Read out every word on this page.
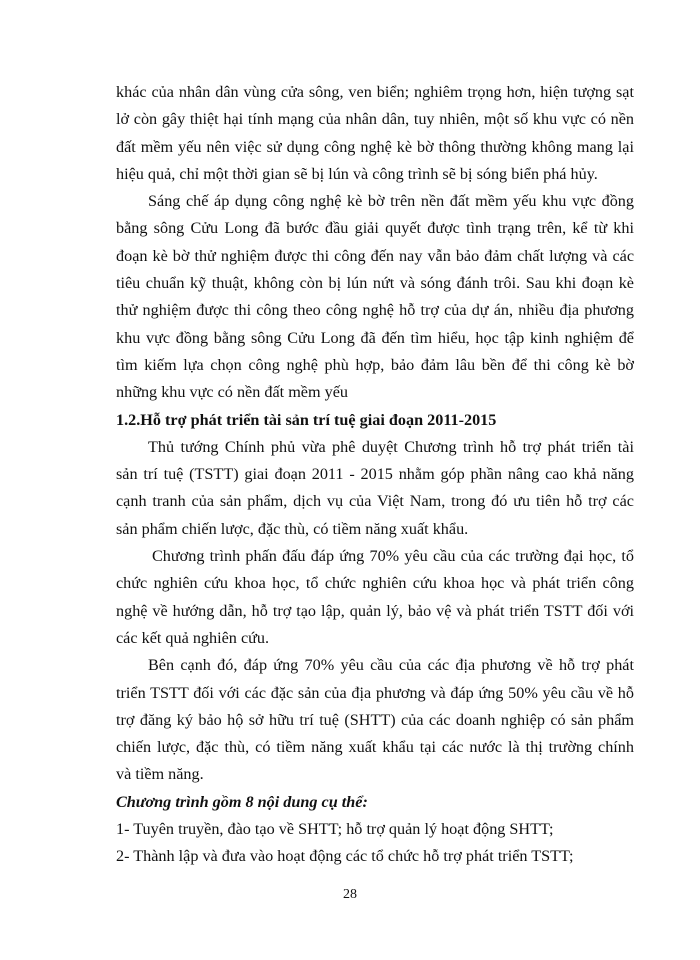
khác của nhân dân vùng cửa sông, ven biển; nghiêm trọng hơn, hiện tượng sạt
lở còn gây thiệt hại tính mạng của nhân dân, tuy nhiên, một số khu vực có nền
đất mềm yếu nên việc sử dụng công nghệ kè bờ thông thường không mang lại
hiệu quả, chỉ một thời gian sẽ bị lún và công trình sẽ bị sóng biển phá hủy.
Sáng chế áp dụng công nghệ kè bờ trên nền đất mềm yếu khu vực đồng
bằng sông Cửu Long đã bước đầu giải quyết được tình trạng trên, kể từ khi
đoạn kè bờ thử nghiệm được thi công đến nay vẫn bảo đảm chất lượng và các
tiêu chuẩn kỹ thuật, không còn bị lún nứt và sóng đánh trôi. Sau khi đoạn kè
thử nghiệm được thi công theo công nghệ hỗ trợ của dự án, nhiều địa phương
khu vực đồng bằng sông Cửu Long đã đến tìm hiểu, học tập kinh nghiệm để
tìm kiếm lựa chọn công nghệ phù hợp, bảo đảm lâu bền để thi công kè bờ
những khu vực có nền đất mềm yếu
1.2.Hỗ trợ phát triển tài sản trí tuệ giai đoạn 2011-2015
Thủ tướng Chính phủ vừa phê duyệt Chương trình hỗ trợ phát triển tài
sản trí tuệ (TSTT) giai đoạn 2011 - 2015 nhằm góp phần nâng cao khả năng
cạnh tranh của sản phẩm, dịch vụ của Việt Nam, trong đó ưu tiên hỗ trợ các
sản phẩm chiến lược, đặc thù, có tiềm năng xuất khẩu.
Chương trình phấn đấu đáp ứng 70% yêu cầu của các trường đại học, tổ
chức nghiên cứu khoa học, tổ chức nghiên cứu khoa học và phát triển công
nghệ về hướng dẫn, hỗ trợ tạo lập, quản lý, bảo vệ và phát triển TSTT đối với
các kết quả nghiên cứu.
Bên cạnh đó, đáp ứng 70% yêu cầu của các địa phương về hỗ trợ phát
triển TSTT đối với các đặc sản của địa phương và đáp ứng 50% yêu cầu về hỗ
trợ đăng ký bảo hộ sở hữu trí tuệ (SHTT) của các doanh nghiệp có sản phẩm
chiến lược, đặc thù, có tiềm năng xuất khẩu tại các nước là thị trường chính
và tiềm năng.
Chương trình gồm 8 nội dung cụ thể:
1- Tuyên truyền, đào tạo về SHTT; hỗ trợ quản lý hoạt động SHTT;
2- Thành lập và đưa vào hoạt động các tổ chức hỗ trợ phát triển TSTT;
28
